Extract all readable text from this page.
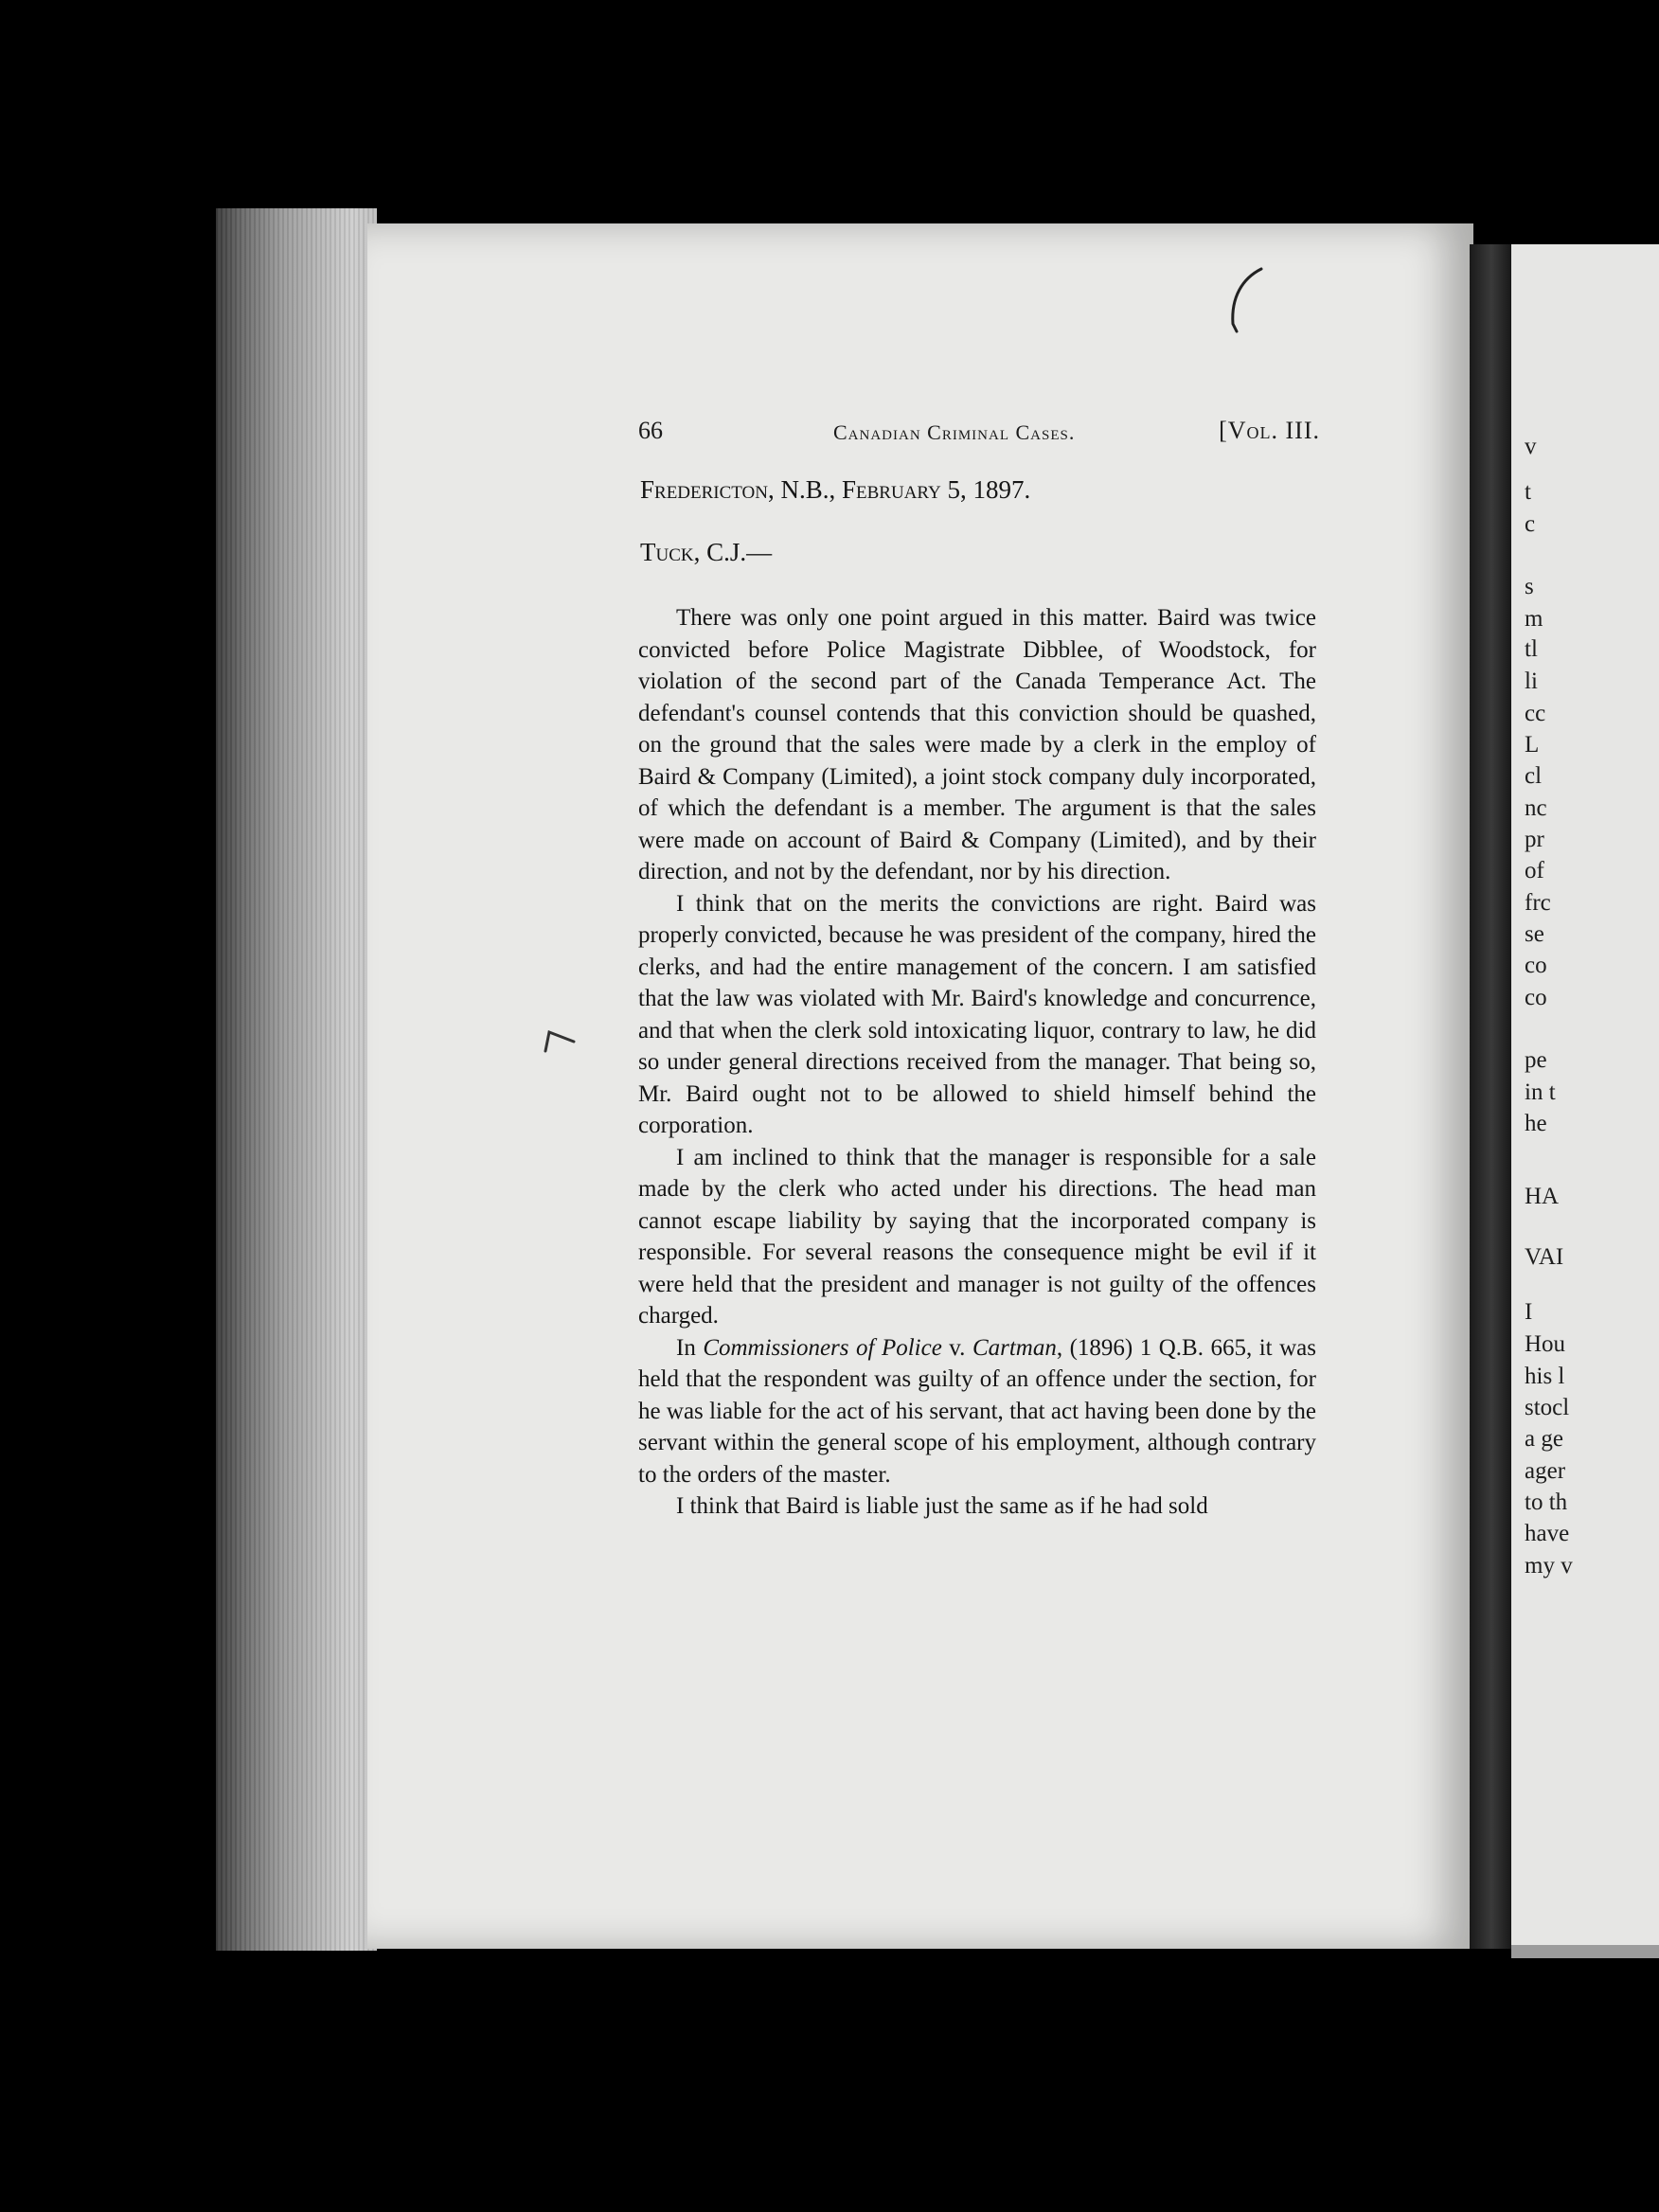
v
t
c
s
m
tl
li
cc
L
cl
nc
pr
of
frc
se
co
co
pe
in t
he
HA
VAI
I
Hou
his l
stocl
a ge
ager
to th
have
my v
66	Canadian Criminal Cases.	[Vol. III.
Fredericton, N.B., February 5, 1897.
Tuck, C.J.—

There was only one point argued in this matter. Baird was twice convicted before Police Magistrate Dibblee, of Woodstock, for violation of the second part of the Canada Temperance Act. The defendant's counsel contends that this conviction should be quashed, on the ground that the sales were made by a clerk in the employ of Baird & Company (Limited), a joint stock company duly incorporated, of which the defendant is a member. The argument is that the sales were made on account of Baird & Company (Limited), and by their direction, and not by the defendant, nor by his direction.

I think that on the merits the convictions are right. Baird was properly convicted, because he was president of the company, hired the clerks, and had the entire management of the concern. I am satisfied that the law was violated with Mr. Baird's knowledge and concurrence, and that when the clerk sold intoxicating liquor, contrary to law, he did so under general directions received from the manager. That being so, Mr. Baird ought not to be allowed to shield himself behind the corporation.

I am inclined to think that the manager is responsible for a sale made by the clerk who acted under his directions. The head man cannot escape liability by saying that the incorporated company is responsible. For several reasons the consequence might be evil if it were held that the president and manager is not guilty of the offences charged.

In Commissioners of Police v. Cartman, (1896) 1 Q.B. 665, it was held that the respondent was guilty of an offence under the section, for he was liable for the act of his servant, that act having been done by the servant within the general scope of his employment, although contrary to the orders of the master.

I think that Baird is liable just the same as if he had sold
